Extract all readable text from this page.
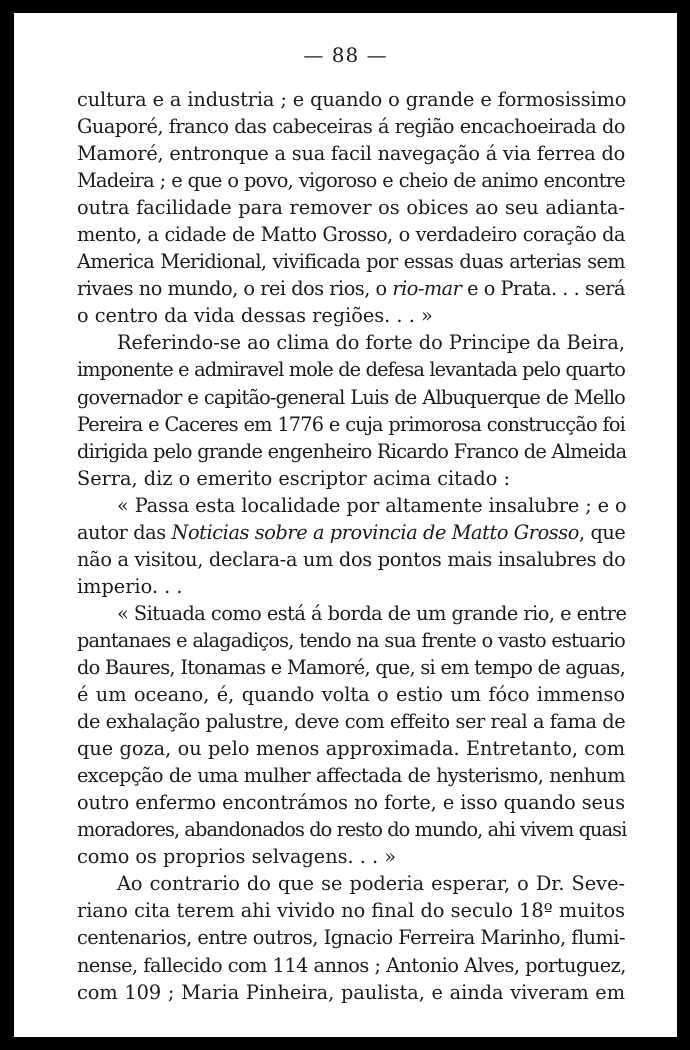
— 88 —
cultura e a industria ; e quando o grande e formosissimo
Guaporé, franco das cabeceiras á região encachoeirada do
Mamoré, entronque a sua facil navegação á via ferrea do
Madeira ; e que o povo, vigoroso e cheio de animo encontre
outra facilidade para remover os obices ao seu adianta-
mento, a cidade de Matto Grosso, o verdadeiro coração da
America Meridional, vivificada por essas duas arterias sem
rivaes no mundo, o rei dos rios, o rio-mar e o Prata. . . será
o centro da vida dessas regiões. . . »
Referindo-se ao clima do forte do Principe da Beira,
imponente e admiravel mole de defesa levantada pelo quarto
governador e capitão-general Luis de Albuquerque de Mello
Pereira e Caceres em 1776 e cuja primorosa construcção foi
dirigida pelo grande engenheiro Ricardo Franco de Almeida
Serra, diz o emerito escriptor acima citado :
« Passa esta localidade por altamente insalubre ; e o
autor das Noticias sobre a provincia de Matto Grosso, que
não a visitou, declara-a um dos pontos mais insalubres do
imperio. . .
« Situada como está á borda de um grande rio, e entre
pantanaes e alagadiços, tendo na sua frente o vasto estuario
do Baures, Itonamas e Mamoré, que, si em tempo de aguas,
é um oceano, é, quando volta o estio um fóco immenso
de exhalação palustre, deve com effeito ser real a fama de
que goza, ou pelo menos approximada. Entretanto, com
excepção de uma mulher affectada de hysterismo, nenhum
outro enfermo encontrámos no forte, e isso quando seus
moradores, abandonados do resto do mundo, ahi vivem quasi
como os proprios selvagens. . . »
Ao contrario do que se poderia esperar, o Dr. Seve-
riano cita terem ahi vivido no final do seculo 18º muitos
centenarios, entre outros, Ignacio Ferreira Marinho, flumi-
nense, fallecido com 114 annos ; Antonio Alves, portuguez,
com 109 ; Maria Pinheira, paulista, e ainda viveram em
